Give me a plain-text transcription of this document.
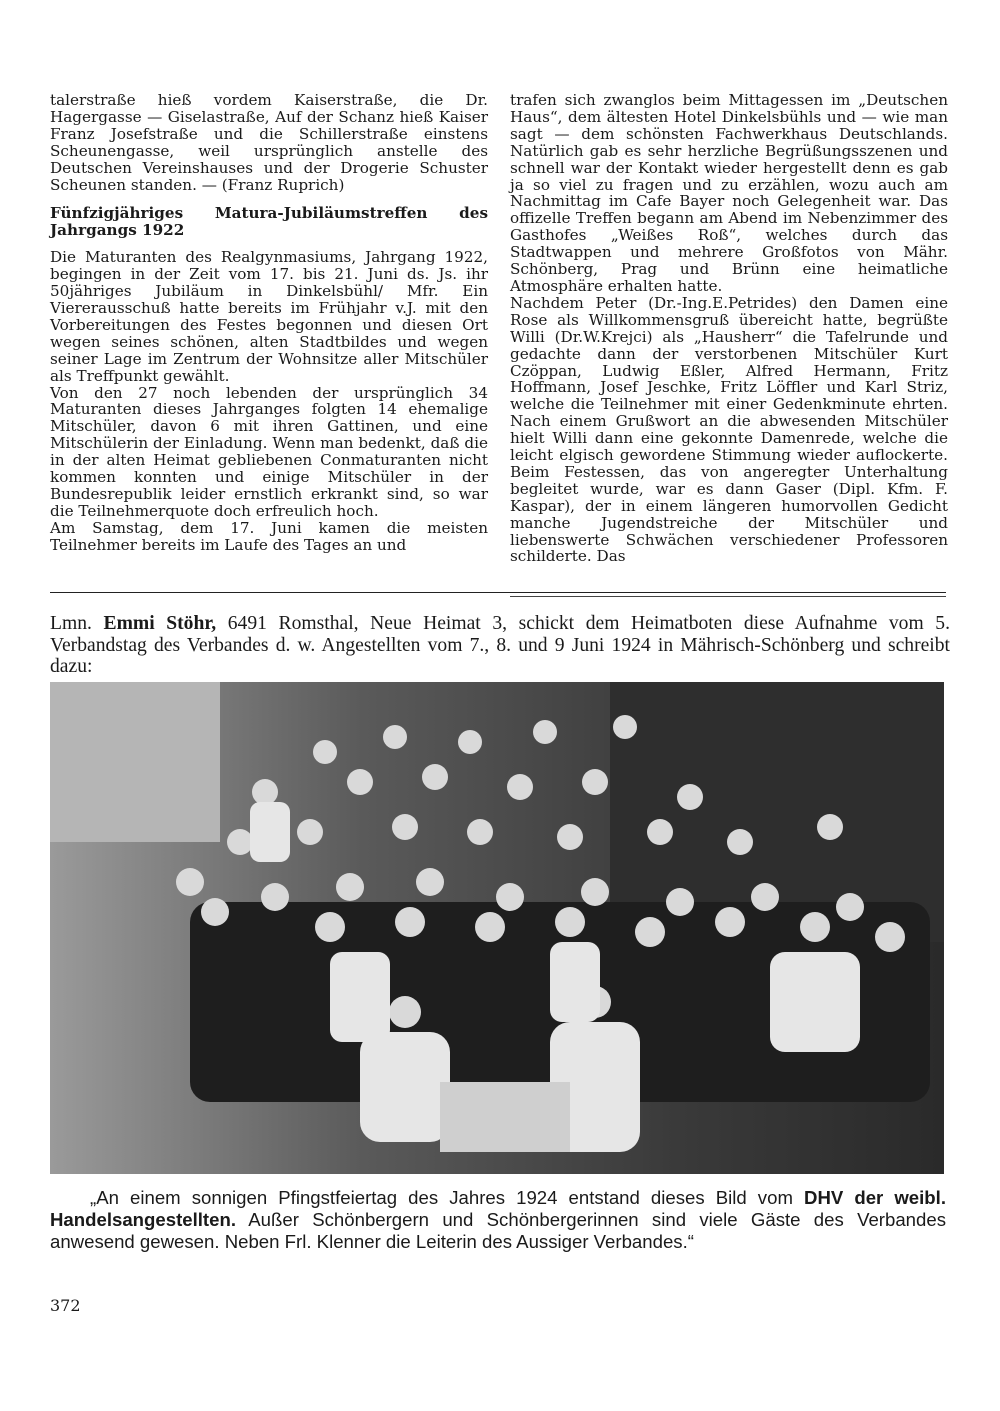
talerstraße hieß vordem Kaiserstraße, die Dr. Hagergasse — Giselastraße, Auf der Schanz hieß Kaiser Franz Josefstraße und die Schillerstraße einstens Scheunengasse, weil ursprünglich anstelle des Deutschen Vereinshauses und der Drogerie Schuster Scheunen standen. — (Franz Ruprich)

Fünfzigjähriges Matura-Jubiläumstreffen des
Jahrgangs 1922

Die Maturanten des Realgynmasiums, Jahrgang 1922, begingen in der Zeit vom 17. bis 21. Juni ds. Js. ihr 50jähriges Jubiläum in Dinkelsbühl/ Mfr. Ein Viererausschuß hatte bereits im Frühjahr v.J. mit den Vorbereitungen des Festes begonnen und diesen Ort wegen seines schönen, alten Stadtbildes und wegen seiner Lage im Zentrum der Wohnsitze aller Mitschüler als Treffpunkt gewählt.

Von den 27 noch lebenden der ursprünglich 34 Maturanten dieses Jahrganges folgten 14 ehemalige Mitschüler, davon 6 mit ihren Gattinen, und eine Mitschülerin der Einladung. Wenn man bedenkt, daß die in der alten Heimat gebliebenen Conmaturanten nicht kommen konnten und einige Mitschüler in der Bundesrepublik leider ernstlich erkrankt sind, so war die Teilnehmerquote doch erfreulich hoch.

Am Samstag, dem 17. Juni kamen die meisten Teilnehmer bereits im Laufe des Tages an und

trafen sich zwanglos beim Mittagessen im „Deutschen Haus“, dem ältesten Hotel Dinkelsbühls und — wie man sagt — dem schönsten Fachwerkhaus Deutschlands. Natürlich gab es sehr herzliche Begrüßungsszenen und schnell war der Kontakt wieder hergestellt denn es gab ja so viel zu fragen und zu erzählen, wozu auch am Nachmittag im Cafe Bayer noch Gelegenheit war. Das offizelle Treffen begann am Abend im Nebenzimmer des Gasthofes „Weißes Roß“, welches durch das Stadtwappen und mehrere Großfotos von Mähr. Schönberg, Prag und Brünn eine heimatliche Atmosphäre erhalten hatte.

Nachdem Peter (Dr.-Ing.E.Petrides) den Damen eine Rose als Willkommensgruß übereicht hatte, begrüßte Willi (Dr.W.Krejci) als „Hausherr“ die Tafelrunde und gedachte dann der verstorbenen Mitschüler Kurt Czöppan, Ludwig Eßler, Alfred Hermann, Fritz Hoffmann, Josef Jeschke, Fritz Löffler und Karl Striz, welche die Teilnehmer mit einer Gedenkminute ehrten. Nach einem Grußwort an die abwesenden Mitschüler hielt Willi dann eine gekonnte Damenrede, welche die leicht elgisch gewordene Stimmung wieder auflockerte. Beim Festessen, das von angeregter Unterhaltung begleitet wurde, war es dann Gaser (Dipl. Kfm. F. Kaspar), der in einem längeren humorvollen Gedicht manche Jugendstreiche der Mitschüler und liebenswerte Schwächen verschiedener Professoren schilderte. Das

Lmn. Emmi Stöhr, 6491 Romsthal, Neue Heimat 3, schickt dem Heimatboten diese Aufnahme vom 5. Verbandstag des Verbandes d. w. Angestellten vom 7., 8. und 9 Juni 1924 in Mährisch-Schönberg und schreibt dazu:
„An einem sonnigen Pfingstfeiertag des Jahres 1924 entstand dieses Bild vom DHV der weibl. Handelsangestellten. Außer Schönbergern und Schönbergerinnen sind viele Gäste des Verbandes anwesend gewesen. Neben Frl. Klenner die Leiterin des Aussiger Verbandes.“
372
